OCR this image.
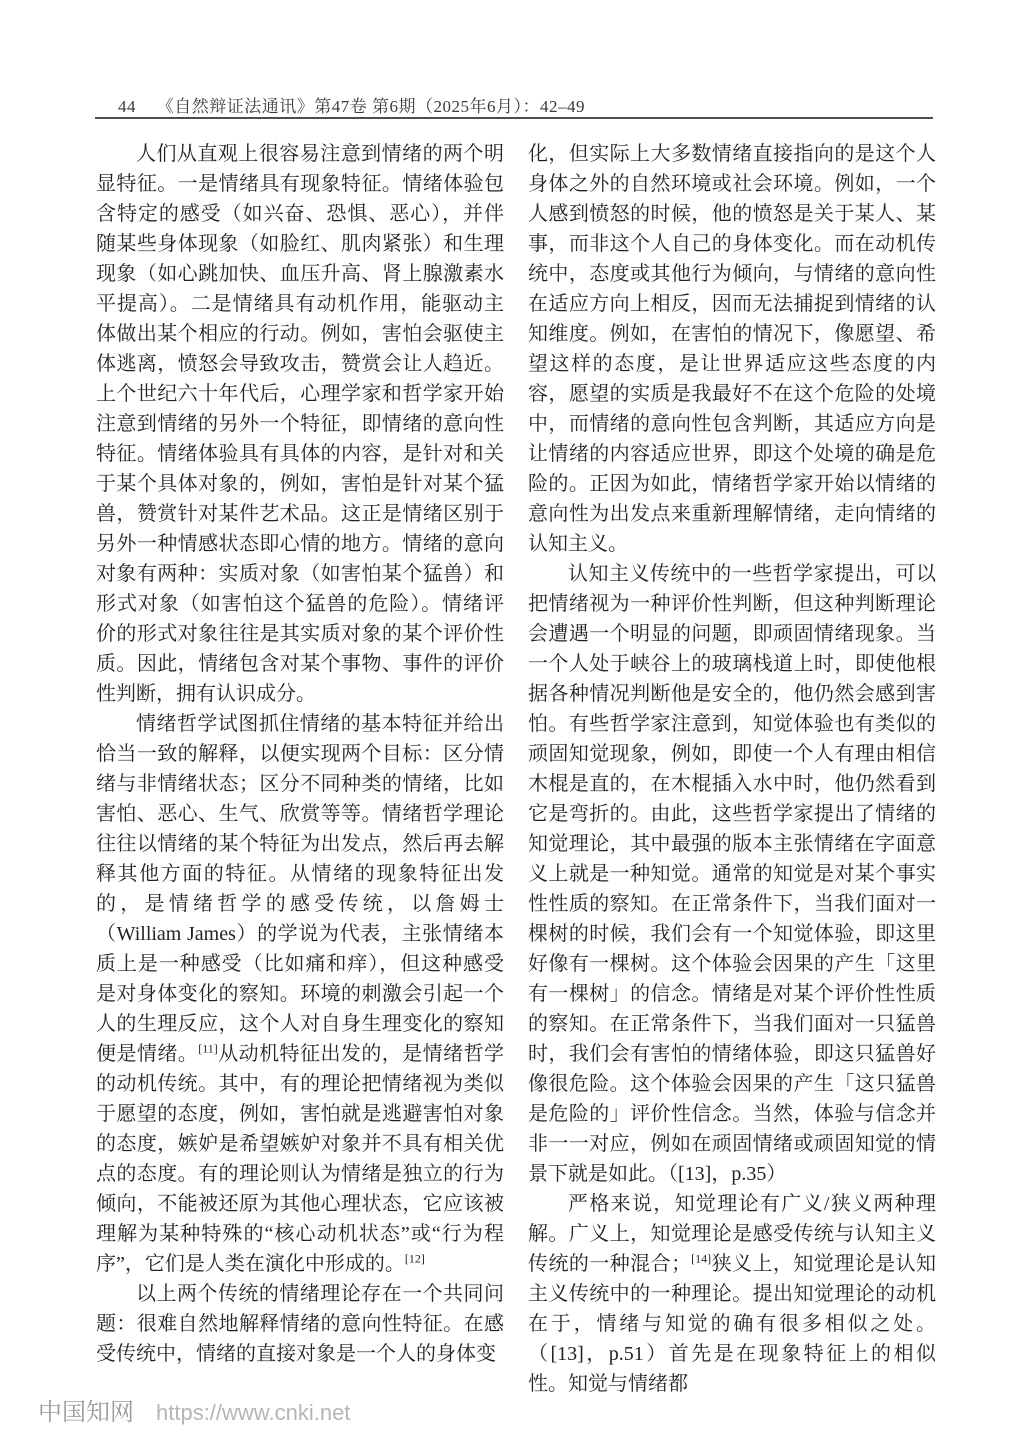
44 《自然辩证法通讯》第47卷 第6期（2025年6月）：42–49

人们从直观上很容易注意到情绪的两个明显特征。一是情绪具有现象特征。情绪体验包含特定的感受（如兴奋、恐惧、恶心），并伴随某些身体现象（如脸红、肌肉紧张）和生理现象（如心跳加快、血压升高、肾上腺激素水平提高）。二是情绪具有动机作用，能驱动主体做出某个相应的行动。例如，害怕会驱使主体逃离，愤怒会导致攻击，赞赏会让人趋近。上个世纪六十年代后，心理学家和哲学家开始注意到情绪的另外一个特征，即情绪的意向性特征。情绪体验具有具体的内容，是针对和关于某个具体对象的，例如，害怕是针对某个猛兽，赞赏针对某件艺术品。这正是情绪区别于另外一种情感状态即心情的地方。情绪的意向对象有两种：实质对象（如害怕某个猛兽）和形式对象（如害怕这个猛兽的危险）。情绪评价的形式对象往往是其实质对象的某个评价性质。因此，情绪包含对某个事物、事件的评价性判断，拥有认识成分。

情绪哲学试图抓住情绪的基本特征并给出恰当一致的解释，以便实现两个目标：区分情绪与非情绪状态；区分不同种类的情绪，比如害怕、恶心、生气、欣赏等等。情绪哲学理论往往以情绪的某个特征为出发点，然后再去解释其他方面的特征。从情绪的现象特征出发的，是情绪哲学的感受传统，以詹姆士（William James）的学说为代表，主张情绪本质上是一种感受（比如痛和痒），但这种感受是对身体变化的察知。环境的刺激会引起一个人的生理反应，这个人对自身生理变化的察知便是情绪。[11]从动机特征出发的，是情绪哲学的动机传统。其中，有的理论把情绪视为类似于愿望的态度，例如，害怕就是逃避害怕对象的态度，嫉妒是希望嫉妒对象并不具有相关优点的态度。有的理论则认为情绪是独立的行为倾向，不能被还原为其他心理状态，它应该被理解为某种特殊的“核心动机状态”或“行为程序”，它们是人类在演化中形成的。[12]

以上两个传统的情绪理论存在一个共同问题：很难自然地解释情绪的意向性特征。在感受传统中，情绪的直接对象是一个人的身体变

化，但实际上大多数情绪直接指向的是这个人身体之外的自然环境或社会环境。例如，一个人感到愤怒的时候，他的愤怒是关于某人、某事，而非这个人自己的身体变化。而在动机传统中，态度或其他行为倾向，与情绪的意向性在适应方向上相反，因而无法捕捉到情绪的认知维度。例如，在害怕的情况下，像愿望、希望这样的态度，是让世界适应这些态度的内容，愿望的实质是我最好不在这个危险的处境中，而情绪的意向性包含判断，其适应方向是让情绪的内容适应世界，即这个处境的确是危险的。正因为如此，情绪哲学家开始以情绪的意向性为出发点来重新理解情绪，走向情绪的认知主义。

认知主义传统中的一些哲学家提出，可以把情绪视为一种评价性判断，但这种判断理论会遭遇一个明显的问题，即顽固情绪现象。当一个人处于峡谷上的玻璃栈道上时，即使他根据各种情况判断他是安全的，他仍然会感到害怕。有些哲学家注意到，知觉体验也有类似的顽固知觉现象，例如，即使一个人有理由相信木棍是直的，在木棍插入水中时，他仍然看到它是弯折的。由此，这些哲学家提出了情绪的知觉理论，其中最强的版本主张情绪在字面意义上就是一种知觉。通常的知觉是对某个事实性性质的察知。在正常条件下，当我们面对一棵树的时候，我们会有一个知觉体验，即这里好像有一棵树。这个体验会因果的产生「这里有一棵树」的信念。情绪是对某个评价性性质的察知。在正常条件下，当我们面对一只猛兽时，我们会有害怕的情绪体验，即这只猛兽好像很危险。这个体验会因果的产生「这只猛兽是危险的」评价性信念。当然，体验与信念并非一一对应，例如在顽固情绪或顽固知觉的情景下就是如此。（[13]，p.35）

严格来说，知觉理论有广义/狭义两种理解。广义上，知觉理论是感受传统与认知主义传统的一种混合；[14]狭义上，知觉理论是认知主义传统中的一种理论。提出知觉理论的动机在于，情绪与知觉的确有很多相似之处。（[13]，p.51）首先是在现象特征上的相似性。知觉与情绪都

中国知网 https://www.cnki.net
